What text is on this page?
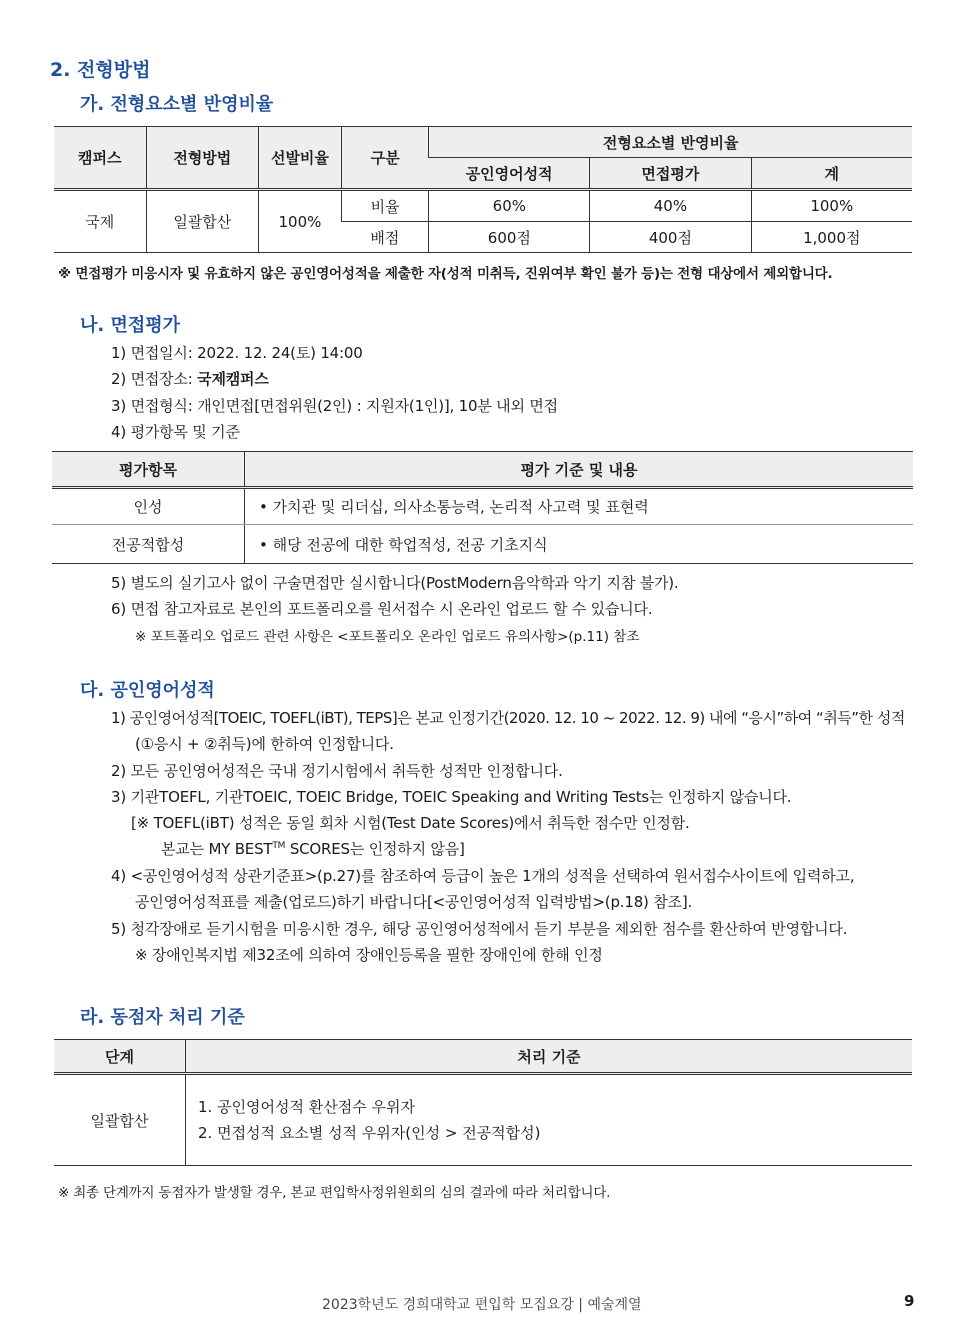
2. 전형방법
가. 전형요소별 반영비율
캠퍼스	전형방법	선발비율	구분	전형요소별 반영비율		
				공인영어성적	면접평가	계
국제	일괄합산	100%	비율	60%	40%	100%
			배점	600점	400점	1,000점
※ 면접평가 미응시자 및 유효하지 않은 공인영어성적을 제출한 자(성적 미취득, 진위여부 확인 불가 등)는 전형 대상에서 제외합니다.
나. 면접평가
1) 면접일시: 2022. 12. 24(토) 14:00
2) 면접장소: 국제캠퍼스
3) 면접형식: 개인면접[면접위원(2인) : 지원자(1인)], 10분 내외 면접
4) 평가항목 및 기준
평가항목	평가 기준 및 내용
인성	• 가치관 및 리더십, 의사소통능력, 논리적 사고력 및 표현력
전공적합성	• 해당 전공에 대한 학업적성, 전공 기초지식
5) 별도의 실기고사 없이 구술면접만 실시합니다(PostModern음악학과 악기 지참 불가).
6) 면접 참고자료로 본인의 포트폴리오를 원서접수 시 온라인 업로드 할 수 있습니다.
※ 포트폴리오 업로드 관련 사항은 <포트폴리오 온라인 업로드 유의사항>(p.11) 참조
다. 공인영어성적
1) 공인영어성적[TOEIC, TOEFL(iBT), TEPS]은 본교 인정기간(2020. 12. 10 ~ 2022. 12. 9) 내에 “응시”하여 “취득”한 성적
(①응시 + ②취득)에 한하여 인정합니다.
2) 모든 공인영어성적은 국내 정기시험에서 취득한 성적만 인정합니다.
3) 기관TOEFL, 기관TOEIC, TOEIC Bridge, TOEIC Speaking and Writing Tests는 인정하지 않습니다.
[※ TOEFL(iBT) 성적은 동일 회차 시험(Test Date Scores)에서 취득한 점수만 인정함.
본교는 MY BEST™ SCORES는 인정하지 않음]
4) <공인영어성적 상관기준표>(p.27)를 참조하여 등급이 높은 1개의 성적을 선택하여 원서접수사이트에 입력하고,
공인영어성적표를 제출(업로드)하기 바랍니다[<공인영어성적 입력방법>(p.18) 참조].
5) 청각장애로 듣기시험을 미응시한 경우, 해당 공인영어성적에서 듣기 부분을 제외한 점수를 환산하여 반영합니다.
※ 장애인복지법 제32조에 의하여 장애인등록을 필한 장애인에 한해 인정
라. 동점자 처리 기준
단계	처리 기준
일괄합산	1. 공인영어성적 환산점수 우위자
2. 면접성적 요소별 성적 우위자(인성 > 전공적합성)
※ 최종 단계까지 동점자가 발생할 경우, 본교 편입학사정위원회의 심의 결과에 따라 처리합니다.
2023학년도 경희대학교 편입학 모집요강 | 예술계열	9
